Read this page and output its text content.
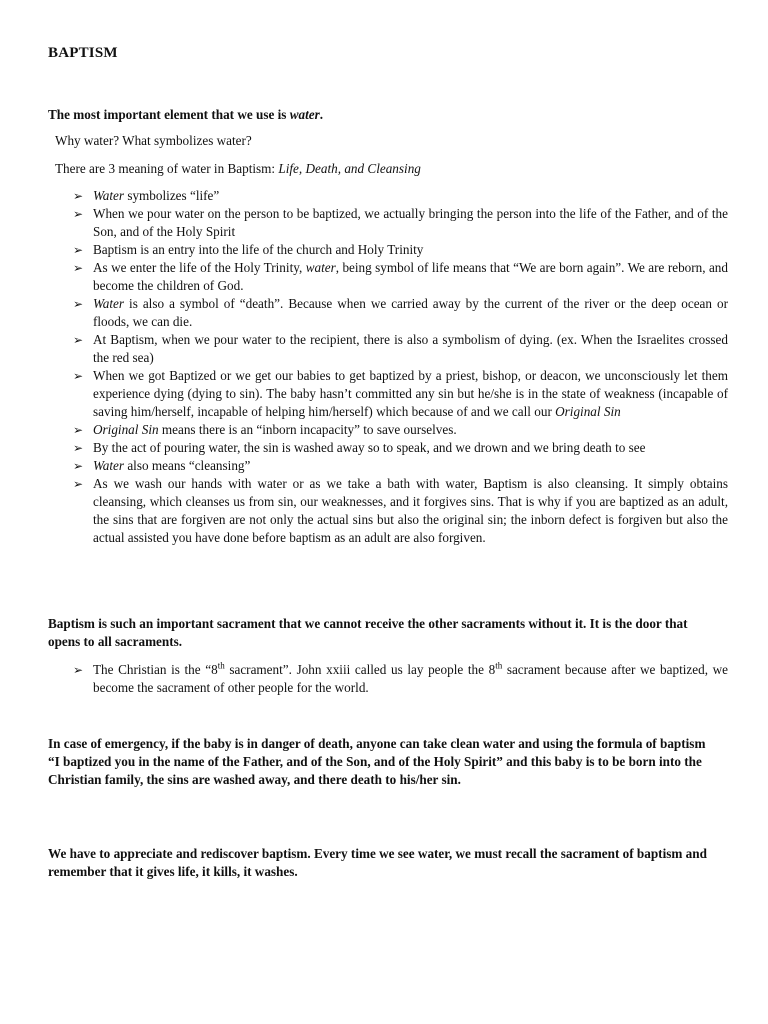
BAPTISM
The most important element that we use is water.
Why water? What symbolizes water?
There are 3 meaning of water in Baptism: Life, Death, and Cleansing
➢ Water symbolizes “life”
➢ When we pour water on the person to be baptized, we actually bringing the person into the life of the Father, and of the Son, and of the Holy Spirit
➢ Baptism is an entry into the life of the church and Holy Trinity
➢ As we enter the life of the Holy Trinity, water, being symbol of life means that “We are born again”. We are reborn, and become the children of God.
➢ Water is also a symbol of “death”. Because when we carried away by the current of the river or the deep ocean or floods, we can die.
➢ At Baptism, when we pour water to the recipient, there is also a symbolism of dying. (ex. When the Israelites crossed the red sea)
➢ When we got Baptized or we get our babies to get baptized by a priest, bishop, or deacon, we unconsciously let them experience dying (dying to sin). The baby hasn’t committed any sin but he/she is in the state of weakness (incapable of saving him/herself, incapable of helping him/herself) which because of and we call our Original Sin
➢ Original Sin means there is an “inborn incapacity” to save ourselves.
➢ By the act of pouring water, the sin is washed away so to speak, and we drown and we bring death to see
➢ Water also means “cleansing”
➢ As we wash our hands with water or as we take a bath with water, Baptism is also cleansing. It simply obtains cleansing, which cleanses us from sin, our weaknesses, and it forgives sins. That is why if you are baptized as an adult, the sins that are forgiven are not only the actual sins but also the original sin; the inborn defect is forgiven but also the actual assisted you have done before baptism as an adult are also forgiven.
Baptism is such an important sacrament that we cannot receive the other sacraments without it. It is the door that opens to all sacraments.
➢ The Christian is the “8th sacrament”. John xxiii called us lay people the 8th sacrament because after we baptized, we become the sacrament of other people for the world.
In case of emergency, if the baby is in danger of death, anyone can take clean water and using the formula of baptism “I baptized you in the name of the Father, and of the Son, and of the Holy Spirit” and this baby is to be born into the Christian family, the sins are washed away, and there death to his/her sin.
We have to appreciate and rediscover baptism. Every time we see water, we must recall the sacrament of baptism and remember that it gives life, it kills, it washes.
